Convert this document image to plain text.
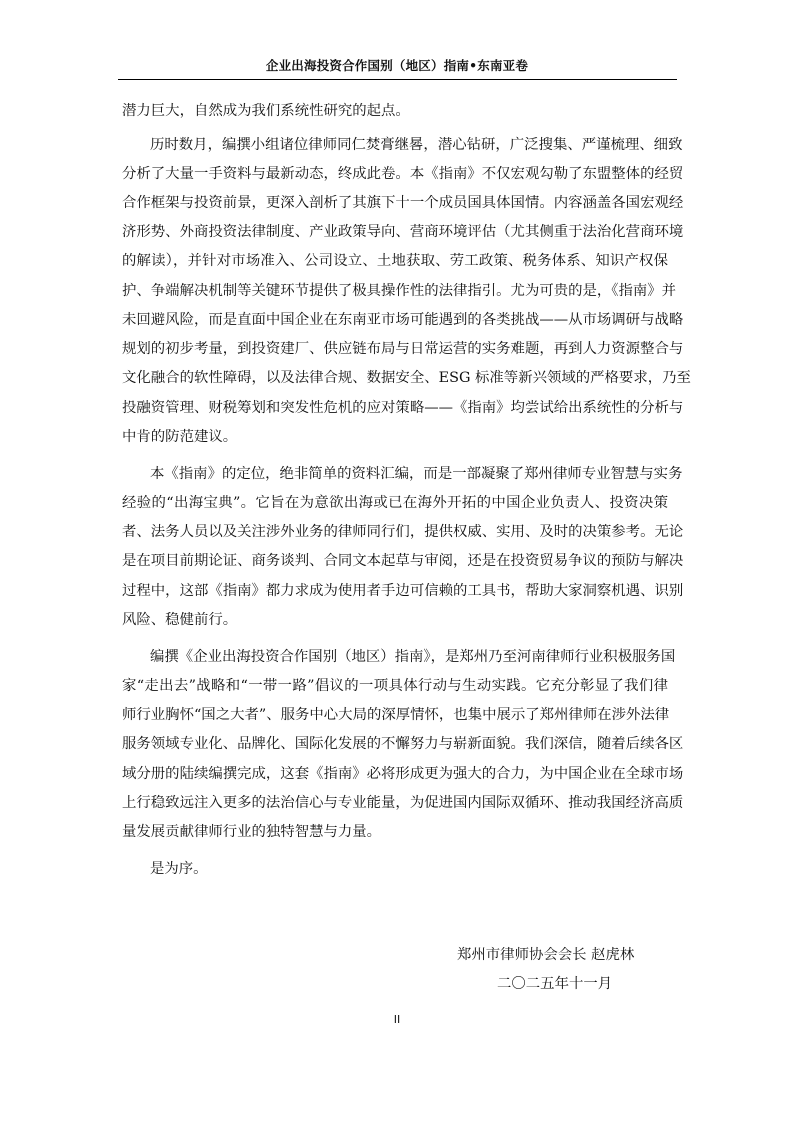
企业出海投资合作国别（地区）指南•东南亚卷
潜力巨大，自然成为我们系统性研究的起点。
历时数月，编撰小组诸位律师同仁焚膏继晷，潜心钻研，广泛搜集、严谨梳理、细致
分析了大量一手资料与最新动态，终成此卷。本《指南》不仅宏观勾勒了东盟整体的经贸
合作框架与投资前景，更深入剖析了其旗下十一个成员国具体国情。内容涵盖各国宏观经
济形势、外商投资法律制度、产业政策导向、营商环境评估（尤其侧重于法治化营商环境
的解读），并针对市场准入、公司设立、土地获取、劳工政策、税务体系、知识产权保
护、争端解决机制等关键环节提供了极具操作性的法律指引。尤为可贵的是，《指南》并
未回避风险，而是直面中国企业在东南亚市场可能遇到的各类挑战——从市场调研与战略
规划的初步考量，到投资建厂、供应链布局与日常运营的实务难题，再到人力资源整合与
文化融合的软性障碍，以及法律合规、数据安全、ESG 标准等新兴领域的严格要求，乃至
投融资管理、财税筹划和突发性危机的应对策略——《指南》均尝试给出系统性的分析与
中肯的防范建议。
本《指南》的定位，绝非简单的资料汇编，而是一部凝聚了郑州律师专业智慧与实务
经验的“出海宝典”。它旨在为意欲出海或已在海外开拓的中国企业负责人、投资决策
者、法务人员以及关注涉外业务的律师同行们，提供权威、实用、及时的决策参考。无论
是在项目前期论证、商务谈判、合同文本起草与审阅，还是在投资贸易争议的预防与解决
过程中，这部《指南》都力求成为使用者手边可信赖的工具书，帮助大家洞察机遇、识别
风险、稳健前行。
编撰《企业出海投资合作国别（地区）指南》，是郑州乃至河南律师行业积极服务国
家“走出去”战略和“一带一路”倡议的一项具体行动与生动实践。它充分彰显了我们律
师行业胸怀“国之大者”、服务中心大局的深厚情怀，也集中展示了郑州律师在涉外法律
服务领域专业化、品牌化、国际化发展的不懈努力与崭新面貌。我们深信，随着后续各区
域分册的陆续编撰完成，这套《指南》必将形成更为强大的合力，为中国企业在全球市场
上行稳致远注入更多的法治信心与专业能量，为促进国内国际双循环、推动我国经济高质
量发展贡献律师行业的独特智慧与力量。
是为序。
郑州市律师协会会长 赵虎林
二〇二五年十一月
II
